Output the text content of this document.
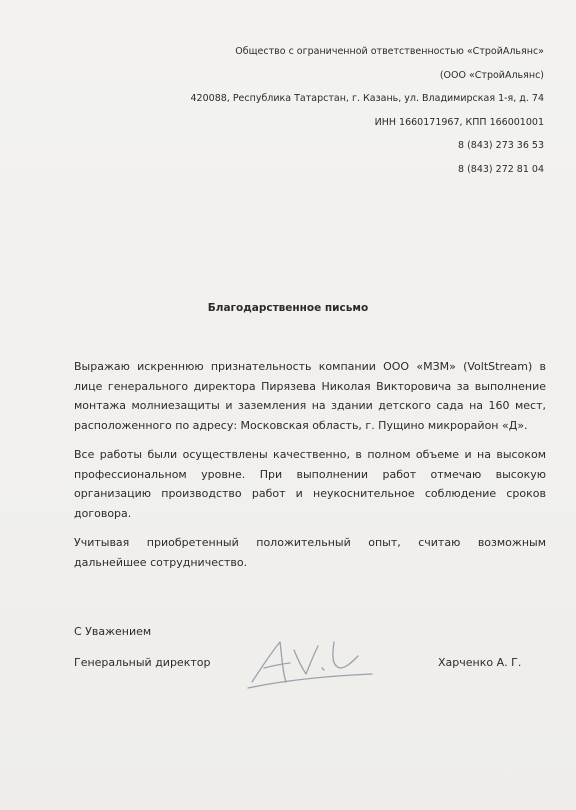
Общество с ограниченной ответственностью «СтройАльянс»
(ООО «СтройАльянс)
420088, Республика Татарстан, г. Казань, ул. Владимирская 1-я, д. 74
ИНН 1660171967, КПП 166001001
8 (843) 273 36 53
8 (843) 272 81 04
Благодарственное письмо

Выражаю искреннюю признательность компании ООО «МЗМ» (VoltStream) в лице генерального директора Пирязева Николая Викторовича за выполнение монтажа молниезащиты и заземления на здании детского сада на 160 мест, расположенного по адресу: Московская область, г. Пущино микрорайон «Д».

Все работы были осуществлены качественно, в полном объеме и на высоком профессиональном уровне. При выполнении работ отмечаю высокую организацию производство работ и неукоснительное соблюдение сроков договора.

Учитывая приобретенный положительный опыт, считаю возможным дальнейшее сотрудничество.

С Уважением
Генеральный директор	Харченко А. Г.
